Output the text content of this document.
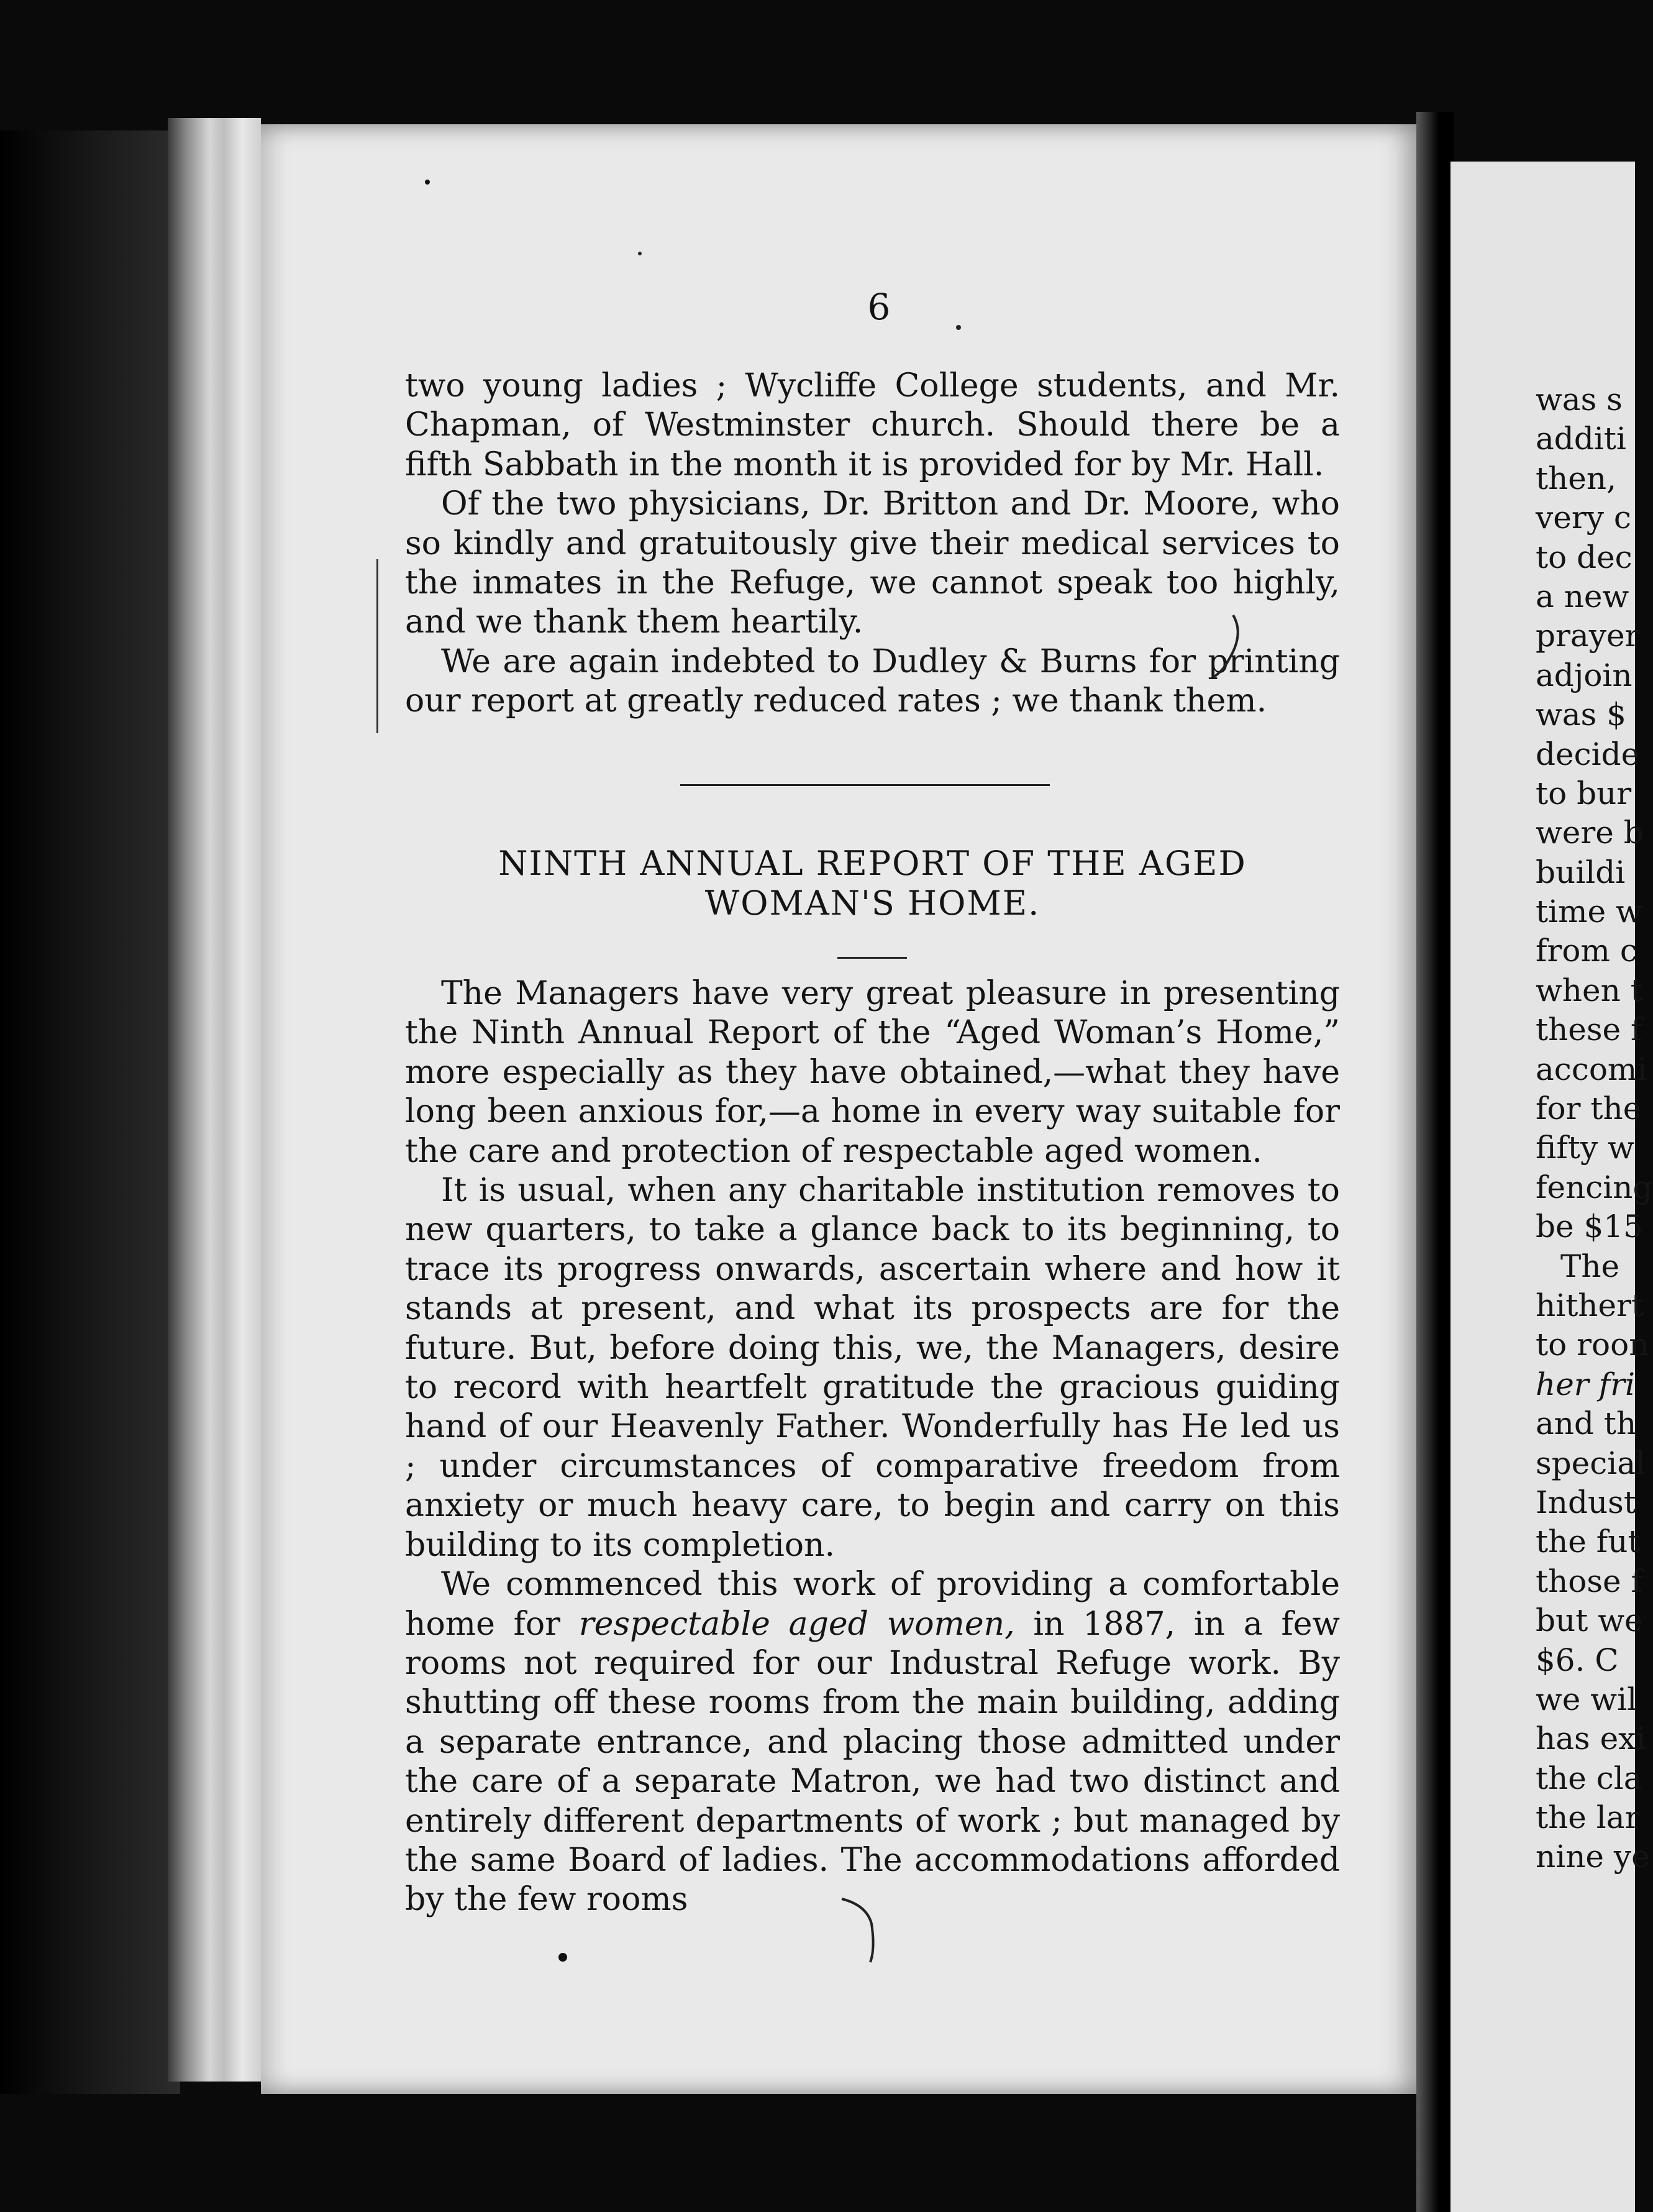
6

two young ladies ; Wycliffe College students, and Mr. Chapman, of Westminster church. Should there be a fifth Sabbath in the month it is provided for by Mr. Hall.

Of the two physicians, Dr. Britton and Dr. Moore, who so kindly and gratuitously give their medical services to the inmates in the Refuge, we cannot speak too highly, and we thank them heartily.

We are again indebted to Dudley & Burns for printing our report at greatly reduced rates ; we thank them.

NINTH ANNUAL REPORT OF THE AGED
WOMAN'S HOME.

The Managers have very great pleasure in presenting the Ninth Annual Report of the “Aged Woman’s Home,” more especially as they have obtained,—what they have long been anxious for,—a home in every way suitable for the care and protection of respectable aged women.

It is usual, when any charitable institution removes to new quarters, to take a glance back to its beginning, to trace its progress onwards, ascertain where and how it stands at present, and what its prospects are for the future. But, before doing this, we, the Managers, desire to record with heartfelt gratitude the gracious guiding hand of our Heavenly Father. Wonderfully has He led us ; under circumstances of comparative freedom from anxiety or much heavy care, to begin and carry on this building to its completion.

We commenced this work of providing a comfortable home for respectable aged women, in 1887, in a few rooms not required for our Industral Refuge work. By shutting off these rooms from the main building, adding a separate entrance, and placing those admitted under the care of a separate Matron, we had two distinct and entirely different departments of work ; but managed by the same Board of ladies. The accommodations afforded by the few rooms

was s
additi
then,
very c
to dec
a new
prayer
adjoin
was $
decide
to bur
were b
buildi
time w
from c
when t
these f
accomi
for the
fifty w
fencing
be $15
The
hithert
to roon
her fri
and th
special
Indust
the fut
those f
but we
$6. C
we wil
has exi
the cla
the lar
nine ye
